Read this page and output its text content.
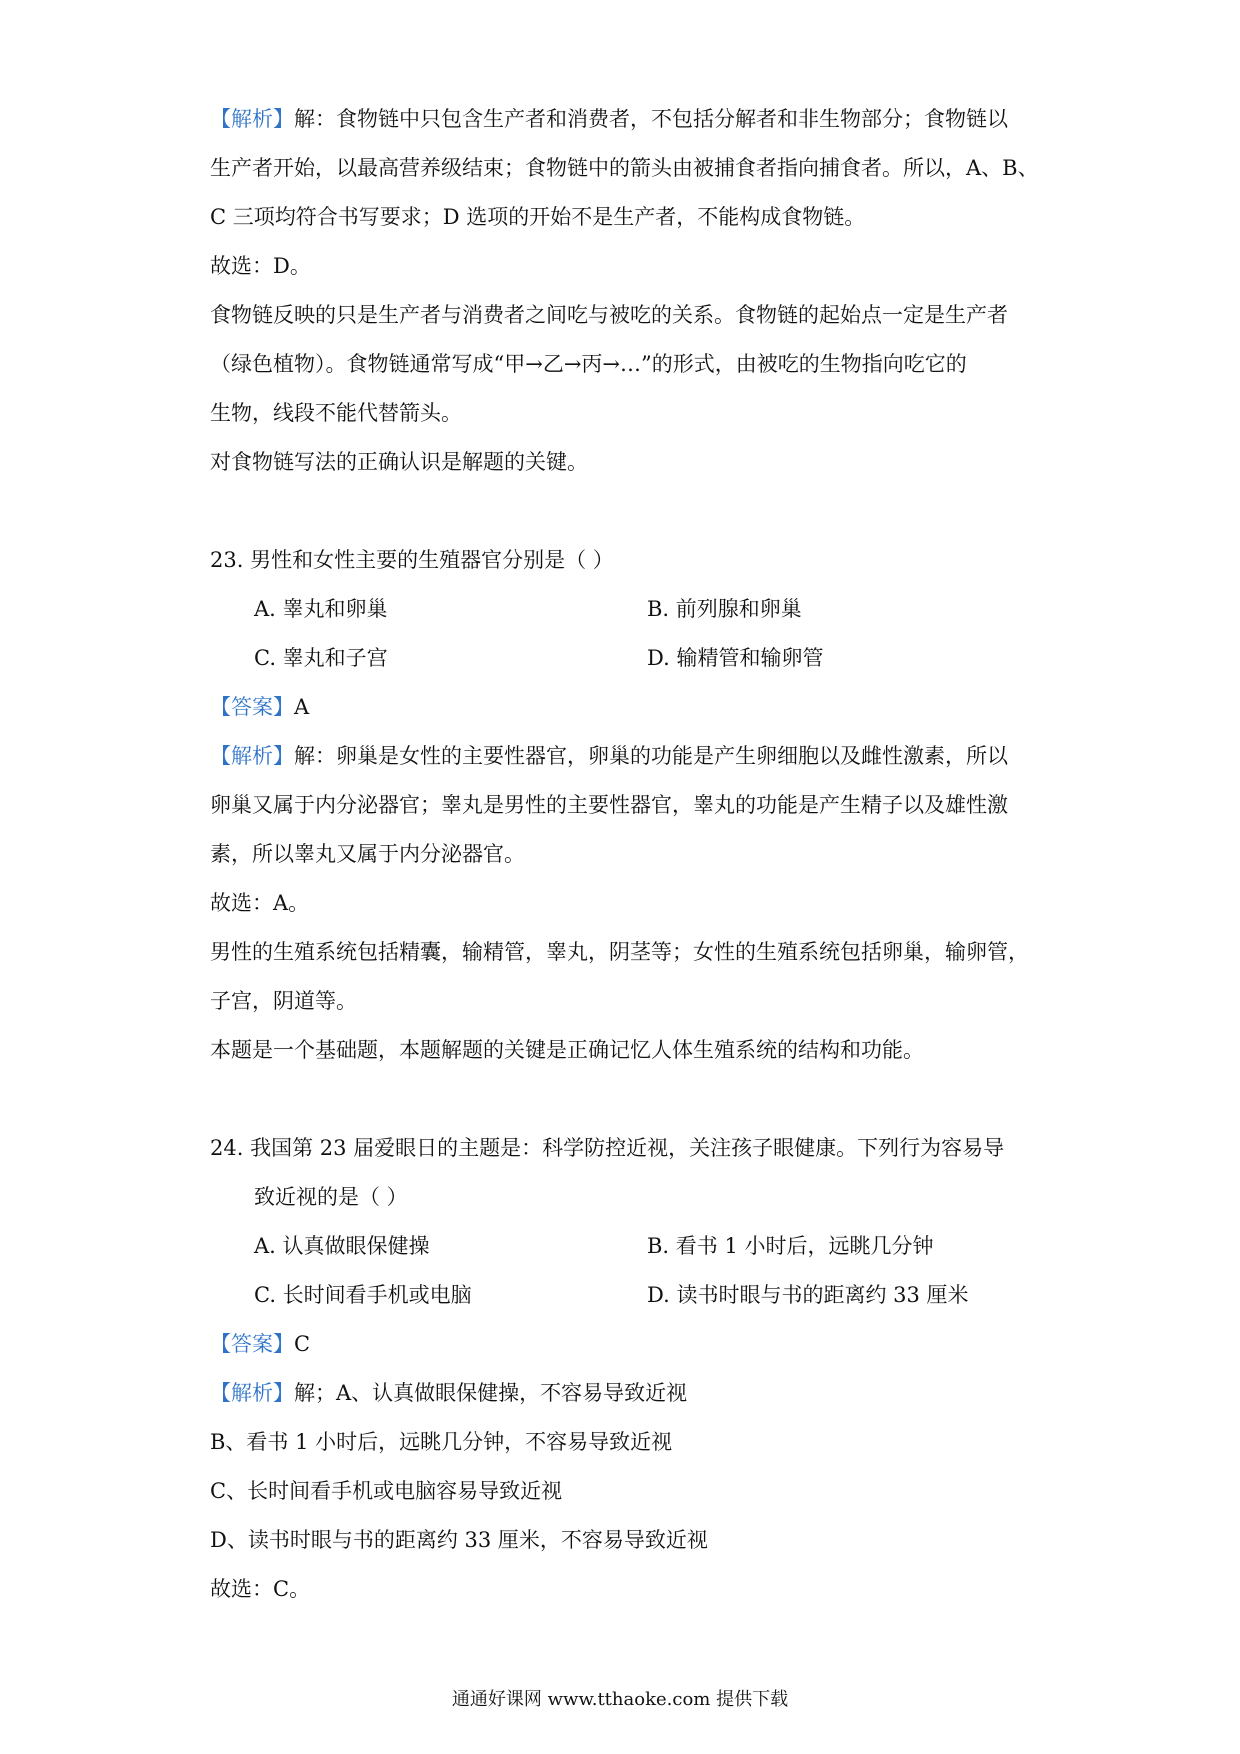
【解析】解：食物链中只包含生产者和消费者，不包括分解者和非生物部分；食物链以
生产者开始，以最高营养级结束；食物链中的箭头由被捕食者指向捕食者。所以，A、B、
C 三项均符合书写要求；D 选项的开始不是生产者，不能构成食物链。
故选：D。
食物链反映的只是生产者与消费者之间吃与被吃的关系。食物链的起始点一定是生产者
（绿色植物）。食物链通常写成“甲→乙→丙→…”的形式，由被吃的生物指向吃它的
生物，线段不能代替箭头。
对食物链写法的正确认识是解题的关键。
23. 男性和女性主要的生殖器官分别是（ ）
A. 睾丸和卵巢	B. 前列腺和卵巢
C. 睾丸和子宫	D. 输精管和输卵管
【答案】A
【解析】解：卵巢是女性的主要性器官，卵巢的功能是产生卵细胞以及雌性激素，所以
卵巢又属于内分泌器官；睾丸是男性的主要性器官，睾丸的功能是产生精子以及雄性激
素，所以睾丸又属于内分泌器官。
故选：A。
男性的生殖系统包括精囊，输精管，睾丸，阴茎等；女性的生殖系统包括卵巢，输卵管，
子宫，阴道等。
本题是一个基础题，本题解题的关键是正确记忆人体生殖系统的结构和功能。
24. 我国第 23 届爱眼日的主题是：科学防控近视，关注孩子眼健康。下列行为容易导
致近视的是（ ）
A. 认真做眼保健操	B. 看书 1 小时后，远眺几分钟
C. 长时间看手机或电脑	D. 读书时眼与书的距离约 33 厘米
【答案】C
【解析】解；A、认真做眼保健操，不容易导致近视
B、看书 1 小时后，远眺几分钟，不容易导致近视
C、长时间看手机或电脑容易导致近视
D、读书时眼与书的距离约 33 厘米，不容易导致近视
故选：C。
通通好课网 www.tthaoke.com 提供下载
